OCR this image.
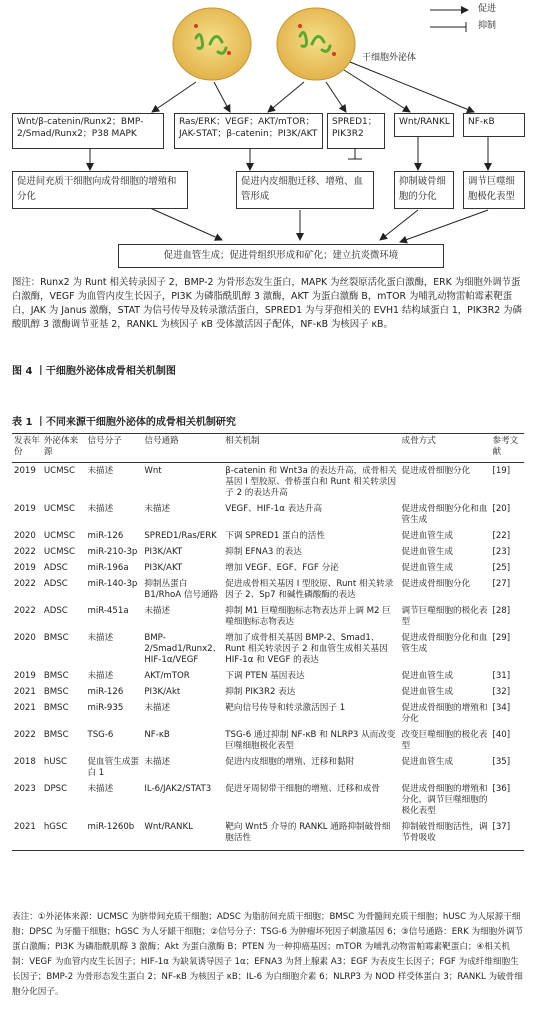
促进
抑制
干细胞外泌体
Wnt/β-catenin/Runx2；BMP-2/Smad/Runx2；P38 MAPK
Ras/ERK；VEGF；AKT/mTOR；JAK-STAT；β-catenin；PI3K/AKT
SPRED1；PIK3R2
Wnt/RANKL	NF-κB
促进间充质干细胞向成骨细胞的增殖和分化
促进内皮细胞迁移、增殖、血管形成
抑制破骨细胞的分化
调节巨噬细胞极化表型
促进血管生成；促进骨组织形成和矿化；建立抗炎微环境
图注：Runx2 为 Runt 相关转录因子 2，BMP-2 为骨形态发生蛋白，MAPK 为丝裂原活化蛋白激酶，ERK 为细胞外调节蛋白激酶，VEGF 为血管内皮生长因子，PI3K 为磷脂酰肌醇 3 激酶，AKT 为蛋白激酶 B，mTOR 为哺乳动物雷帕霉素靶蛋白，JAK 为 Janus 激酶，STAT 为信号传导及转录激活蛋白，SPRED1 为与芽孢相关的 EVH1 结构域蛋白 1，PIK3R2 为磷酸肌醇 3 激酶调节亚基 2，RANKL 为核因子 κB 受体激活因子配体，NF-κB 为核因子 κB。
图 4 丨干细胞外泌体成骨相关机制图
表 1 丨不同来源干细胞外泌体的成骨相关机制研究
发表年份	外泌体来源	信号分子	信号通路	相关机制	成骨方式	参考文献
2019	UCMSC	未描述	Wnt	β-catenin 和 Wnt3a 的表达升高，成骨相关基因 I 型胶原、骨桥蛋白和 Runt 相关转录因子 2 的表达升高	促进成骨细胞分化	[19]
2019	UCMSC	未描述	未描述	VEGF、HIF-1α 表达升高	促进成骨细胞分化和血管生成	[20]
2020	UCMSC	miR-126	SPRED1/Ras/ERK	下调 SPRED1 蛋白的活性	促进血管生成	[22]
2022	UCMSC	miR-210-3p	PI3K/AKT	抑制 EFNA3 的表达	促进血管生成	[23]
2019	ADSC	miR-196a	PI3K/AKT	增加 VEGF、EGF、FGF 分泌	促进血管生成	[25]
2022	ADSC	miR-140-3p	抑制丛蛋白 B1/RhoA 信号通路	促进成骨相关基因 I 型胶原、Runt 相关转录因子 2、Sp7 和碱性磷酸酶的表达	促进成骨细胞分化	[27]
2022	ADSC	miR-451a	未描述	抑制 M1 巨噬细胞标志物表达并上调 M2 巨噬细胞标志物表达	调节巨噬细胞的极化表型	[28]
2020	BMSC	未描述	BMP-2/Smad1/Runx2、HIF-1α/VEGF	增加了成骨相关基因 BMP-2、Smad1、Runt 相关转录因子 2 和血管生成相关基因 HIF-1α 和 VEGF 的表达	促进成骨细胞分化和血管生成	[29]
2019	BMSC	未描述	AKT/mTOR	下调 PTEN 基因表达	促进血管生成	[31]
2021	BMSC	miR-126	PI3K/Akt	抑制 PIK3R2 表达	促进血管生成	[32]
2021	BMSC	miR-935	未描述	靶向信号传导和转录激活因子 1	促进成骨细胞的增殖和分化	[34]
2022	BMSC	TSG-6	NF-κB	TSG-6 通过抑制 NF-κB 和 NLRP3 从而改变巨噬细胞极化表型	改变巨噬细胞的极化表型	[40]
2018	hUSC	促血管生成蛋白 1	未描述	促进内皮细胞的增殖、迁移和黏附	促进血管生成	[35]
2023	DPSC	未描述	IL-6/JAK2/STAT3	促进牙周韧带干细胞的增殖、迁移和成骨	促进成骨细胞的增殖和分化，调节巨噬细胞的极化表型	[36]
2021	hGSC	miR-1260b	Wnt/RANKL	靶向 Wnt5 介导的 RANKL 通路抑制破骨细胞活性	抑制破骨细胞活性，调节骨吸收	[37]
表注：①外泌体来源：UCMSC 为脐带间充质干细胞；ADSC 为脂肪间充质干细胞；BMSC 为骨髓间充质干细胞；hUSC 为人尿源干细胞；DPSC 为牙髓干细胞；hGSC 为人牙龈干细胞；②信号分子：TSG-6 为肿瘤坏死因子刺激基因 6；③信号通路：ERK 为细胞外调节蛋白激酶；PI3K 为磷脂酰肌醇 3 激酶；Akt 为蛋白激酶 B；PTEN 为一种抑癌基因；mTOR 为哺乳动物雷帕霉素靶蛋白；④相关机制：VEGF 为血管内皮生长因子；HIF-1α 为缺氧诱导因子 1α；EFNA3 为肾上腺素 A3；EGF 为表皮生长因子；FGF 为成纤维细胞生长因子；BMP-2 为骨形态发生蛋白 2；NF-κB 为核因子 κB；IL-6 为白细胞介素 6；NLRP3 为 NOD 样受体蛋白 3；RANKL 为破骨细胞分化因子。
